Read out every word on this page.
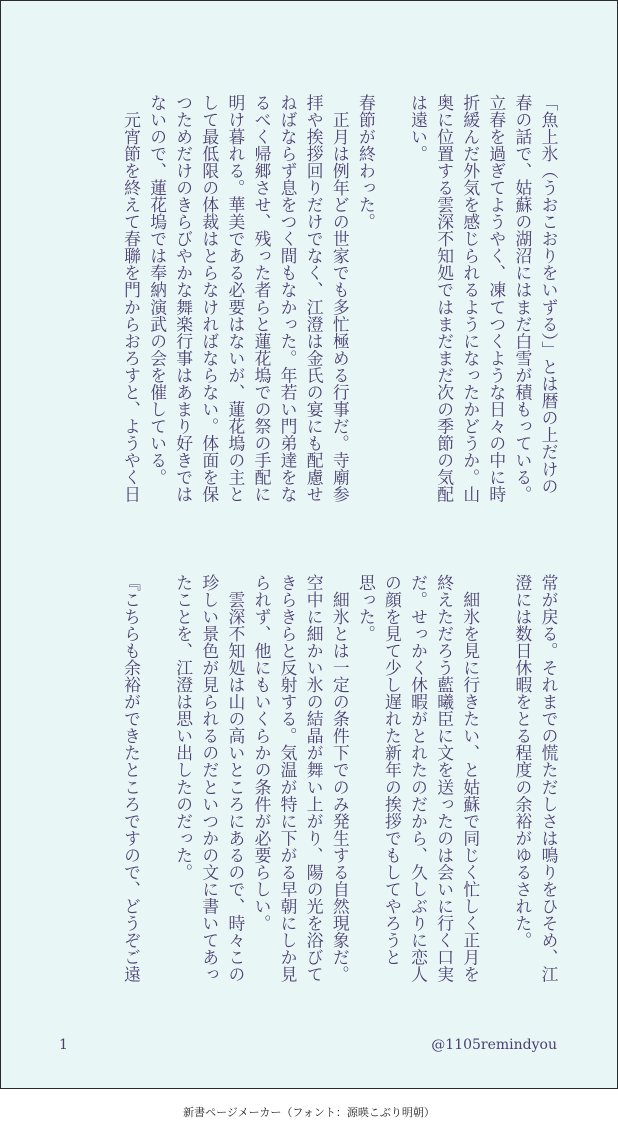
「魚上氷（うおこおりをいずる）」とは暦の上だけの
春の話で、姑蘇の湖沼にはまだ白雪が積もっている。
立春を過ぎてようやく、凍てつくような日々の中に時
折緩んだ外気を感じられるようになったかどうか。山
奥に位置する雲深不知処ではまだまだ次の季節の気配
は遠い。

春節が終わった。
　正月は例年どの世家でも多忙極める行事だ。寺廟参
拝や挨拶回りだけでなく、江澄は金氏の宴にも配慮せ
ねばならず息をつく間もなかった。年若い門弟達をな
るべく帰郷させ、残った者らと蓮花塢での祭の手配に
明け暮れる。華美である必要はないが、蓮花塢の主と
して最低限の体裁はとらなければならない。体面を保
つためだけのきらびやかな舞楽行事はあまり好きでは
ないので、蓮花塢では奉納演武の会を催している。
　元宵節を終えて春聯を門からおろすと、ようやく日
常が戻る。それまでの慌ただしさは鳴りをひそめ、江
澄には数日休暇をとる程度の余裕がゆるされた。

　細氷を見に行きたい、と姑蘇で同じく忙しく正月を
終えただろう藍曦臣に文を送ったのは会いに行く口実
だ。せっかく休暇がとれたのだから、久しぶりに恋人
の顔を見て少し遅れた新年の挨拶でもしてやろうと
思った。
　細氷とは一定の条件下でのみ発生する自然現象だ。
空中に細かい氷の結晶が舞い上がり、陽の光を浴びて
きらきらと反射する。気温が特に下がる早朝にしか見
られず、他にもいくらかの条件が必要らしい。
　雲深不知処は山の高いところにあるので、時々この
珍しい景色が見られるのだといつかの文に書いてあっ
たことを、江澄は思い出したのだった。

『こちらも余裕ができたところですので、どうぞご遠
1	@1105remindyou
新書ページメーカー（フォント：源暎こぶり明朝）
